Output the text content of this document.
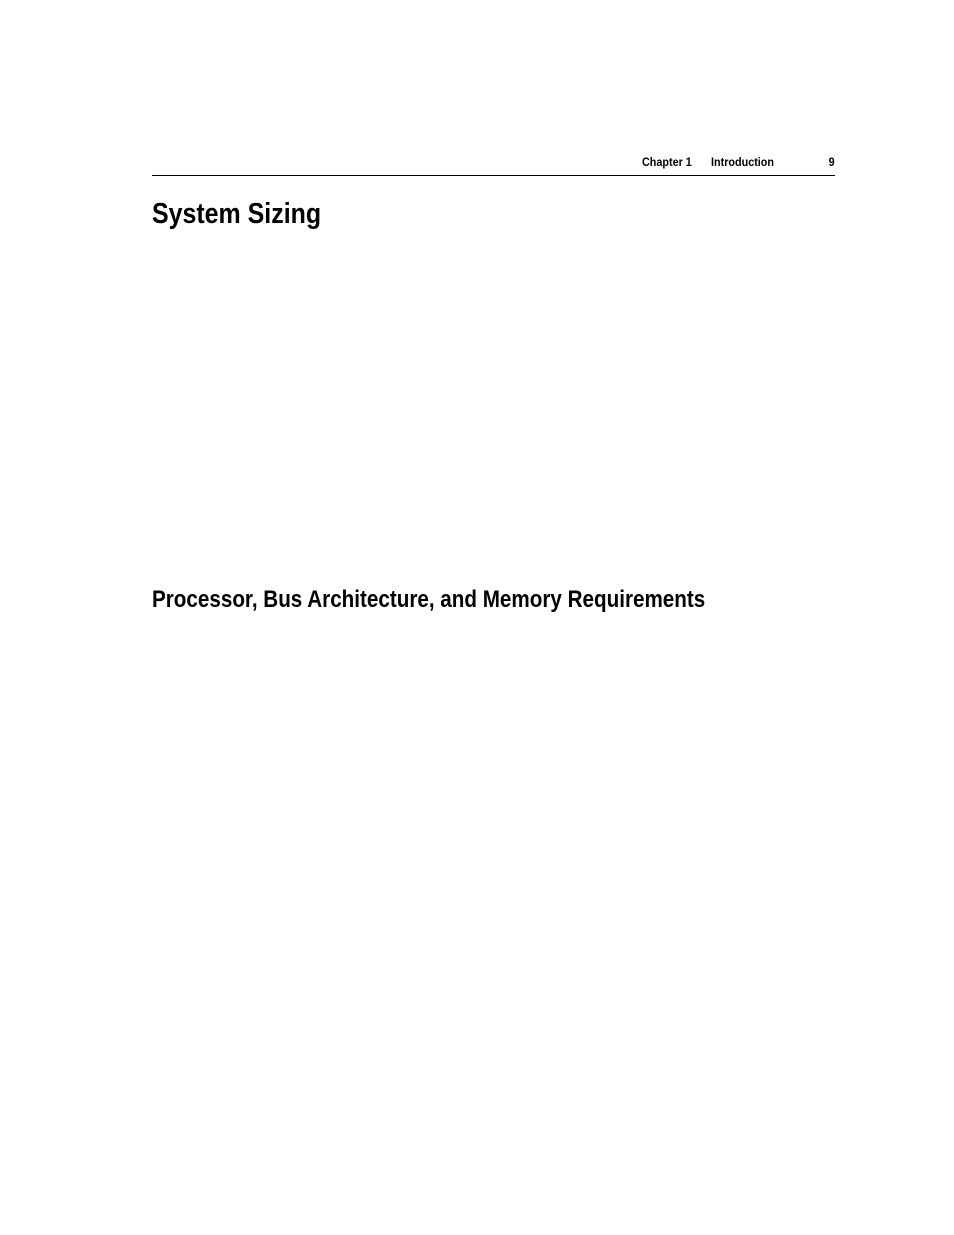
Chapter 1 Introduction	9
System Sizing
Processor, Bus Architecture, and Memory Requirements
